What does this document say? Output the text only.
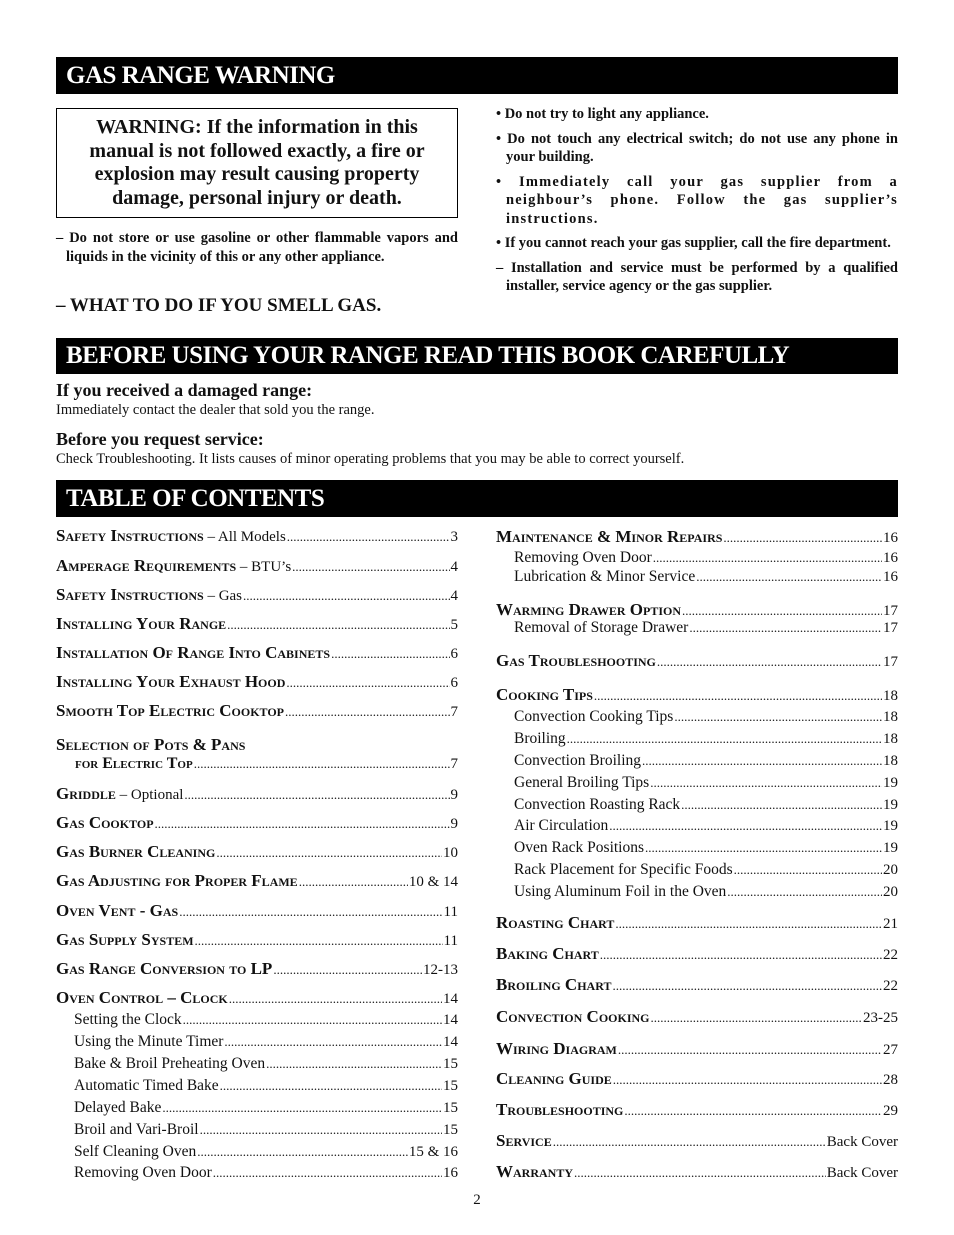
GAS RANGE WARNING
WARNING: If the information in this manual is not followed exactly, a fire or explosion may result causing property damage, personal injury or death.

– Do not store or use gasoline or other flammable vapors and liquids in the vicinity of this or any other appliance.

– WHAT TO DO IF YOU SMELL GAS.

• Do not try to light any appliance.

• Do not touch any electrical switch; do not use any phone in your building.

• Immediately call your gas supplier from a neighbour’s phone. Follow the gas supplier’s instructions.

• If you cannot reach your gas supplier, call the fire department.

– Installation and service must be performed by a qualified installer, service agency or the gas supplier.

BEFORE USING YOUR RANGE READ THIS BOOK CAREFULLY
If you received a damaged range:
Immediately contact the dealer that sold you the range.
Before you request service:
Check Troubleshooting. It lists causes of minor operating problems that you may be able to correct yourself.
TABLE OF CONTENTS
Safety Instructions – All Models .....	3
Amperage Requirements – BTU’s .....	4
Safety Instructions – Gas .....	4
Installing Your Range .....	5
Installation Of Range Into Cabinets .....	6
Installing Your Exhaust Hood .....	6
Smooth Top Electric Cooktop .....	7
Selection of Pots & Pans
for Electric Top .....	7
Griddle – Optional .....	9
Gas Cooktop .....	9
Gas Burner Cleaning .....	10
Gas Adjusting for Proper Flame .....	10 & 14
Oven Vent - Gas .....	11
Gas Supply System .....	11
Gas Range Conversion to LP .....	12-13
Oven Control – Clock .....	14
Setting the Clock .....	14
Using the Minute Timer .....	14
Bake & Broil Preheating Oven .....	15
Automatic Timed Bake .....	15
Delayed Bake .....	15
Broil and Vari-Broil .....	15
Self Cleaning Oven .....	15 & 16
Removing Oven Door .....	16
Maintenance & Minor Repairs .....	16
Removing Oven Door .....	16
Lubrication & Minor Service .....	16
Warming Drawer Option .....	17
Removal of Storage Drawer .....	17
Gas Troubleshooting .....	17
Cooking Tips .....	18
Convection Cooking Tips .....	18
Broiling .....	18
Convection Broiling .....	18
General Broiling Tips .....	19
Convection Roasting Rack .....	19
Air Circulation .....	19
Oven Rack Positions .....	19
Rack Placement for Specific Foods .....	20
Using Aluminum Foil in the Oven .....	20
Roasting Chart .....	21
Baking Chart .....	22
Broiling Chart .....	22
Convection Cooking .....	23-25
Wiring Diagram .....	27
Cleaning Guide .....	28
Troubleshooting .....	29
Service .....	Back Cover
Warranty .....	Back Cover
2
